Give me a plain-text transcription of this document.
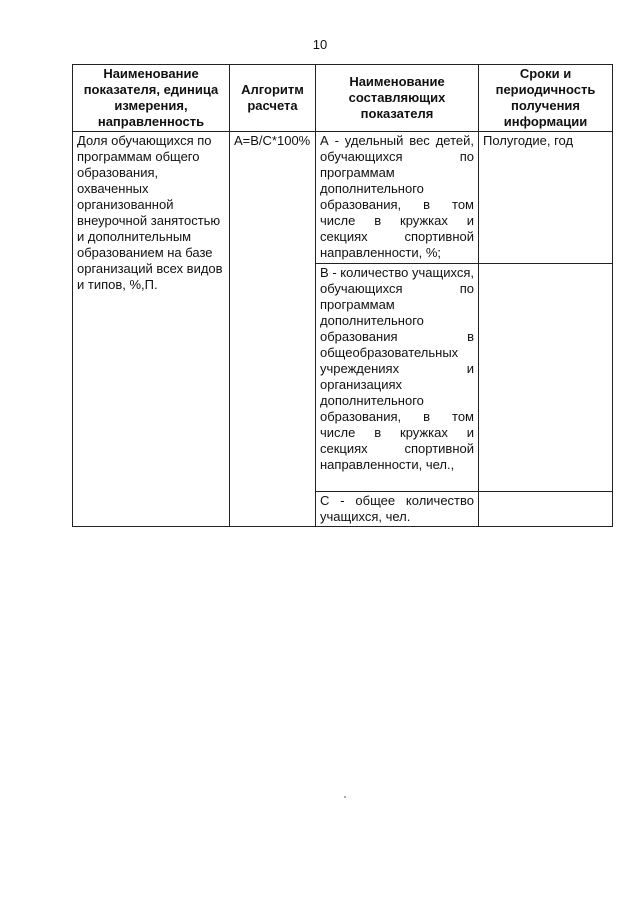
10
Наименование показателя, единица измерения, направленность	Алгоритм расчета	Наименование составляющих показателя	Сроки и периодичность получения информации
Доля обучающихся по программам общего образования, охваченных организованной внеурочной занятостью и дополнительным образованием на базе организаций всех видов и типов, %,П.	A=B/C*100%	А - удельный вес детей, обучающихся по программам дополнительного образования, в том числе в кружках и секциях спортивной направленности, %;	Полугодие, год
		В - количество учащихся, обучающихся по программам дополнительного образования в общеобразовательных учреждениях и организациях дополнительного образования, в том числе в кружках и секциях спортивной направленности, чел.,	
		С - общее количество учащихся, чел.	
